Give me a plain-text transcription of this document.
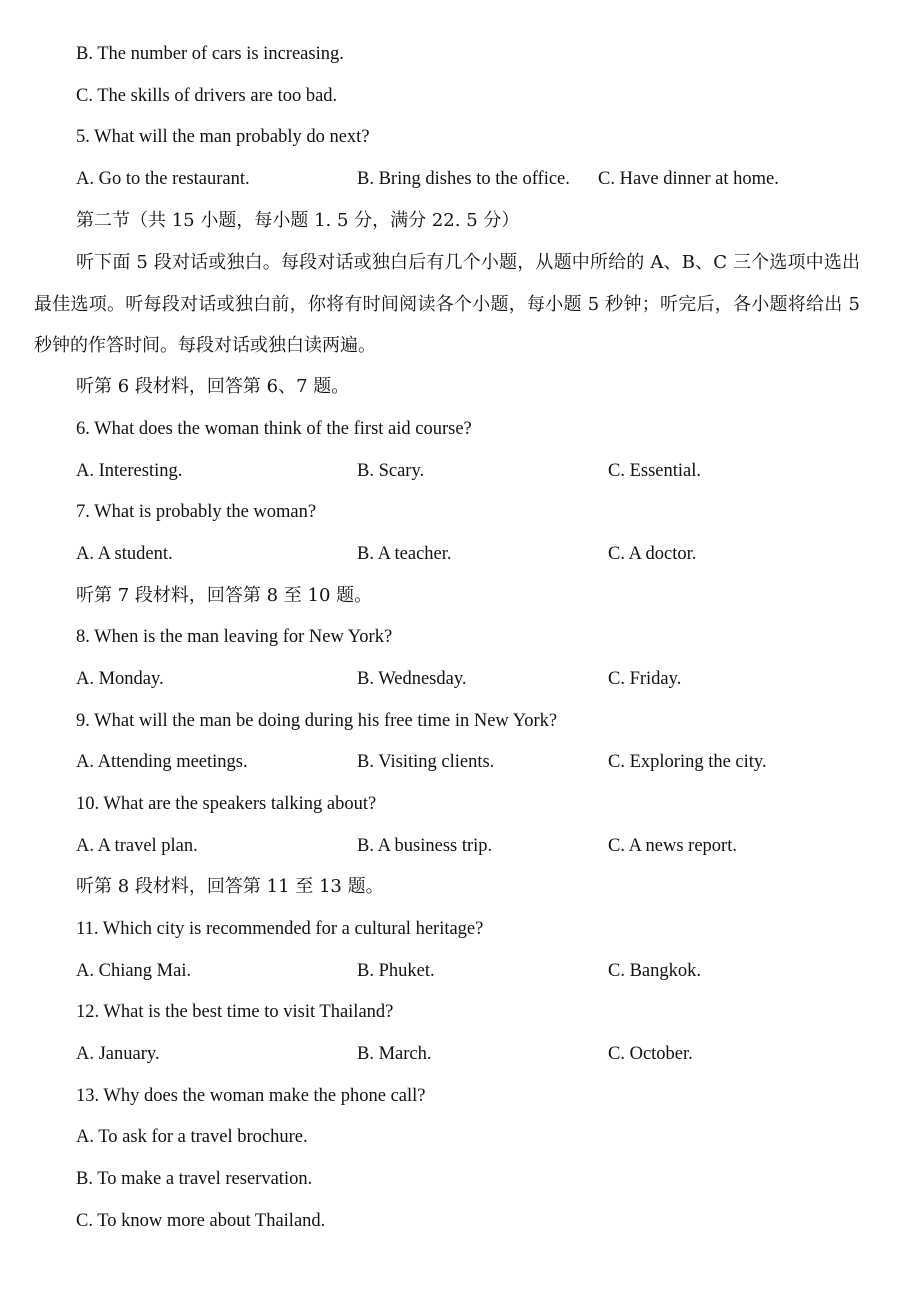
B. The number of cars is increasing.
C. The skills of drivers are too bad.
5. What will the man probably do next?
A. Go to the restaurant.	B. Bring dishes to the office. C. Have dinner at home.
第二节（共 15 小题，每小题 1. 5 分，满分 22. 5 分）
听下面 5 段对话或独白。每段对话或独白后有几个小题，从题中所给的 A、B、C 三个选项中选出最佳选项。听每段对话或独白前，你将有时间阅读各个小题，每小题 5 秒钟；听完后，各小题将给出 5 秒钟的作答时间。每段对话或独白读两遍。
听第 6 段材料，回答第 6、7 题。
6. What does the woman think of the first aid course?
A. Interesting.	B. Scary.	C. Essential.
7. What is probably the woman?
A. A student.	B. A teacher.	C. A doctor.
听第 7 段材料，回答第 8 至 10 题。
8. When is the man leaving for New York?
A. Monday.	B. Wednesday.	C. Friday.
9. What will the man be doing during his free time in New York?
A. Attending meetings.	B. Visiting clients.	C. Exploring the city.
10. What are the speakers talking about?
A. A travel plan.	B. A business trip.	C. A news report.
听第 8 段材料，回答第 11 至 13 题。
11. Which city is recommended for a cultural heritage?
A. Chiang Mai.	B. Phuket.	C. Bangkok.
12. What is the best time to visit Thailand?
A. January.	B. March.	C. October.
13. Why does the woman make the phone call?
A. To ask for a travel brochure.
B. To make a travel reservation.
C. To know more about Thailand.
